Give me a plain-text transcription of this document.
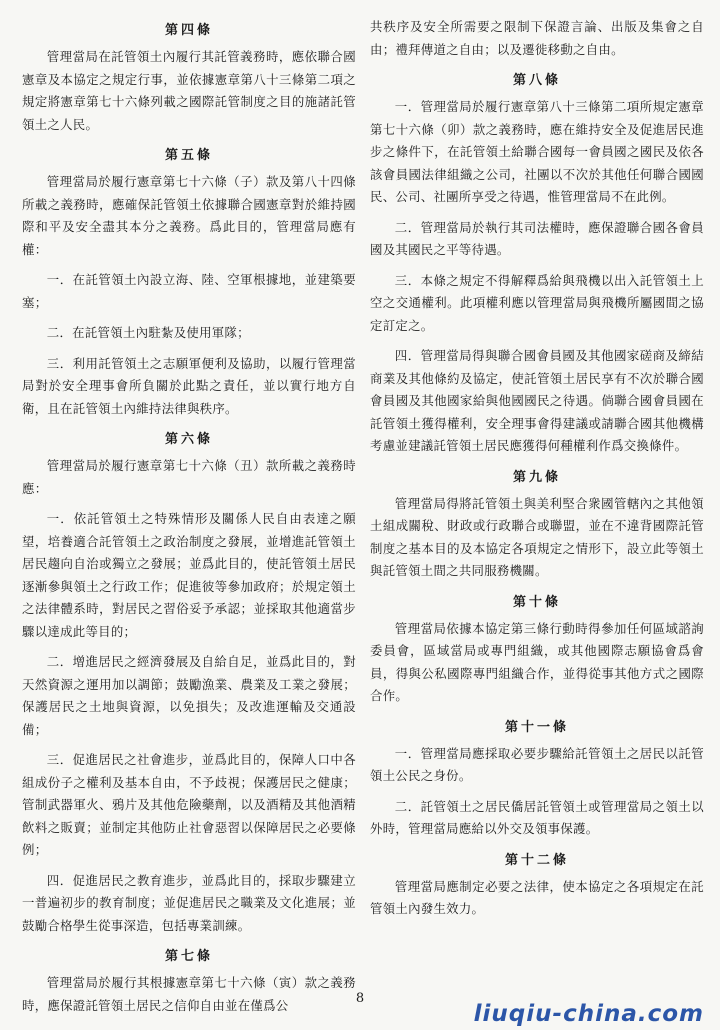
第四條
管理當局在託管領土內履行其託管義務時，應依聯合國憲章及本協定之規定行事，並依據憲章第八十三條第二項之規定將憲章第七十六條列載之國際託管制度之目的施諸託管領土之人民。
第五條
管理當局於履行憲章第七十六條（子）款及第八十四條所載之義務時，應確保託管領土依據聯合國憲章對於維持國際和平及安全盡其本分之義務。爲此目的，管理當局應有權：
一．在託管領土內設立海、陸、空軍根據地，並建築要塞；
二．在託管領土內駐紮及使用軍隊；
三．利用託管領土之志願軍便利及協助，以履行管理當局對於安全理事會所負關於此點之責任，並以實行地方自衛，且在託管領土內維持法律與秩序。
第六條
管理當局於履行憲章第七十六條（丑）款所載之義務時應：
一．依託管領土之特殊情形及關係人民自由表達之願望，培養適合託管領土之政治制度之發展，並增進託管領土居民趨向自治或獨立之發展；並爲此目的，使託管領土居民逐漸參與領土之行政工作；促進彼等參加政府；於規定領土之法律體系時，對居民之習俗妥予承認；並採取其他適當步驟以達成此等目的；
二．增進居民之經濟發展及自給自足，並爲此目的，對天然資源之運用加以調節；鼓勵漁業、農業及工業之發展；保護居民之土地與資源，以免損失；及改進運輸及交通設備；
三．促進居民之社會進步，並爲此目的，保障人口中各組成份子之權利及基本自由，不予歧視；保護居民之健康；管制武器軍火、鴉片及其他危險藥劑，以及酒精及其他酒精飲料之販賣；並制定其他防止社會惡習以保障居民之必要條例；
四．促進居民之教育進步，並爲此目的，採取步驟建立一普遍初步的教育制度；並促進居民之職業及文化進展；並鼓勵合格學生從事深造，包括專業訓練。
第七條
管理當局於履行其根據憲章第七十六條（寅）款之義務時，應保證託管領土居民之信仰自由並在僅爲公
共秩序及安全所需要之限制下保證言論、出版及集會之自由；禮拜傳道之自由；以及遷徙移動之自由。
第八條
一．管理當局於履行憲章第八十三條第二項所規定憲章第七十六條（卯）款之義務時，應在維持安全及促進居民進步之條件下，在託管領土給聯合國每一會員國之國民及依各該會員國法律組織之公司，社團以不次於其他任何聯合國國民、公司、社團所享受之待遇，惟管理當局不在此例。
二．管理當局於執行其司法權時，應保證聯合國各會員國及其國民之平等待遇。
三．本條之規定不得解釋爲給與飛機以出入託管領土上空之交通權利。此項權利應以管理當局與飛機所屬國間之協定訂定之。
四．管理當局得與聯合國會員國及其他國家磋商及締結商業及其他條約及協定，使託管領土居民享有不次於聯合國會員國及其他國家給與他國國民之待遇。倘聯合國會員國在託管領土獲得權利，安全理事會得建議或請聯合國其他機構考慮並建議託管領土居民應獲得何種權利作爲交換條件。
第九條
管理當局得將託管領土與美利堅合衆國管轄內之其他領土組成關稅、財政或行政聯合或聯盟，並在不違背國際託管制度之基本目的及本協定各項規定之情形下，設立此等領土與託管領土間之共同服務機關。
第十條
管理當局依據本協定第三條行動時得參加任何區域諮詢委員會，區域當局或專門組織，或其他國際志願協會爲會員，得與公私國際專門組織合作，並得從事其他方式之國際合作。
第十一條
一．管理當局應採取必要步驟給託管領土之居民以託管領土公民之身份。
二．託管領土之居民僑居託管領土或管理當局之領土以外時，管理當局應給以外交及領事保護。
第十二條
管理當局應制定必要之法律，使本協定之各項規定在託管領土內發生效力。
8
liuqiu-china.com
